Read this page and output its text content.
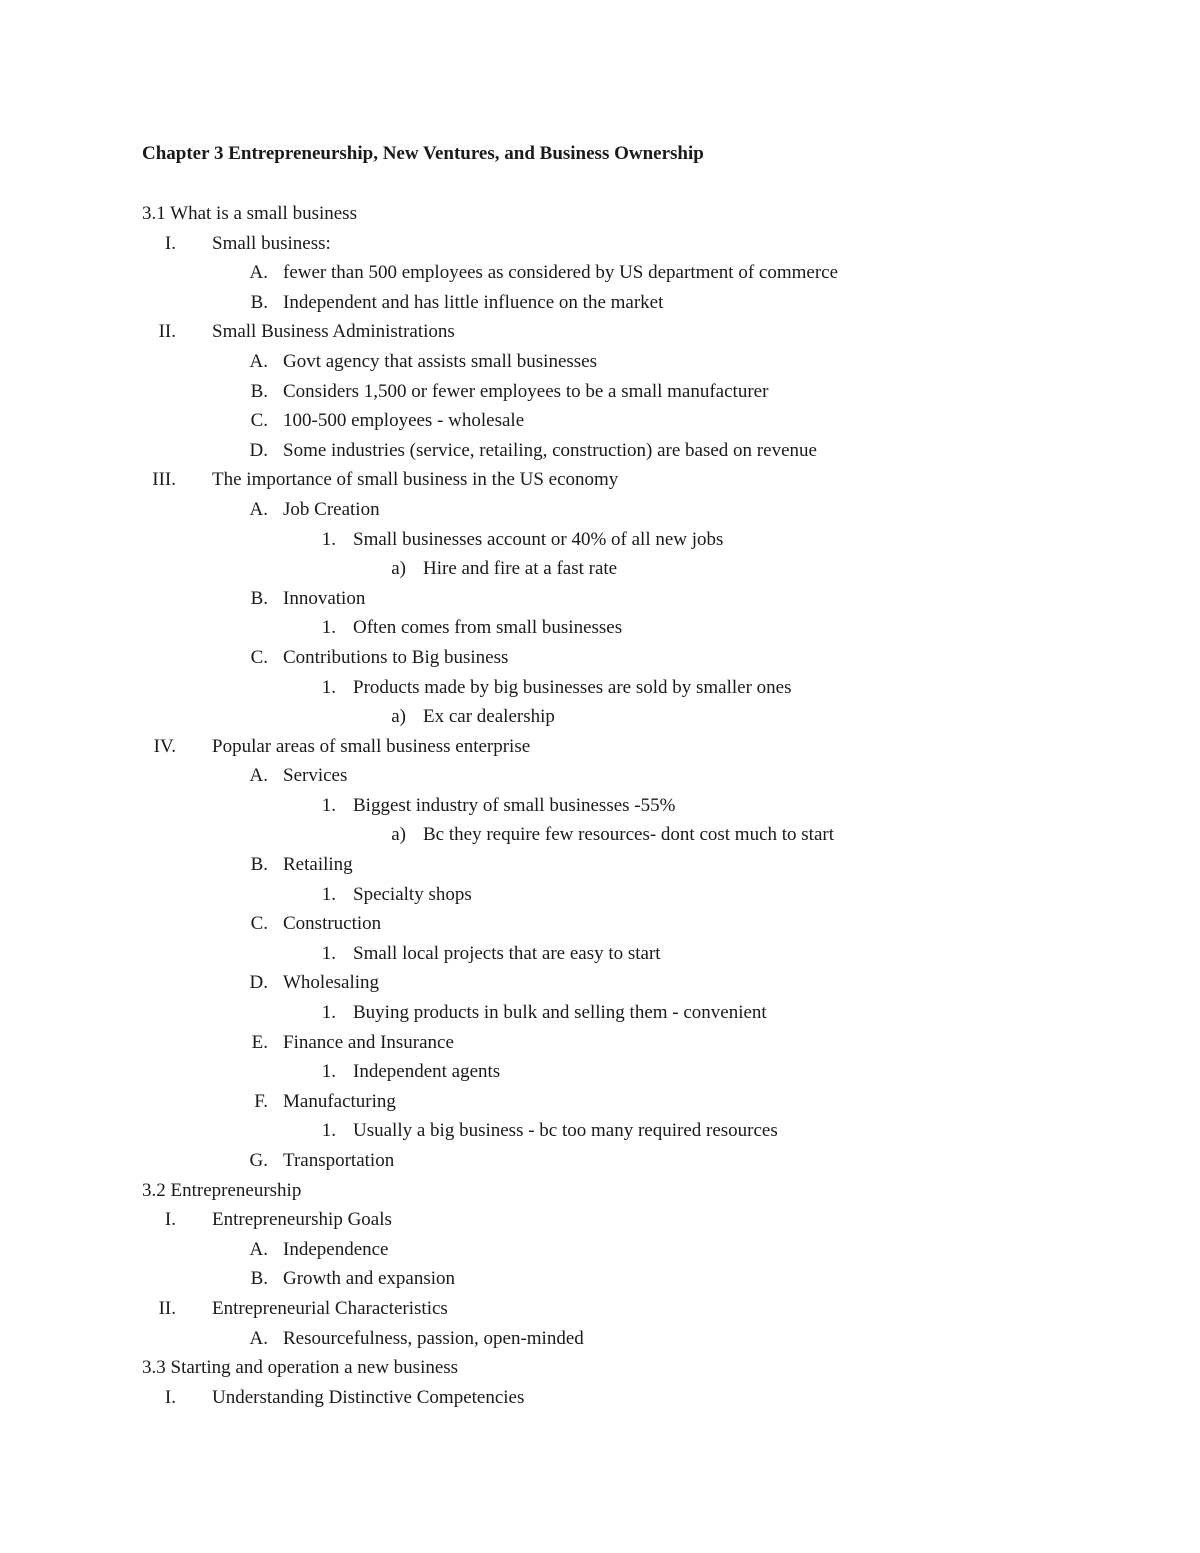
Chapter 3 Entrepreneurship, New Ventures, and Business Ownership
3.1 What is a small business
I. Small business:
A. fewer than 500 employees as considered by US department of commerce
B. Independent and has little influence on the market
II. Small Business Administrations
A. Govt agency that assists small businesses
B. Considers 1,500 or fewer employees to be a small manufacturer
C. 100-500 employees - wholesale
D. Some industries (service, retailing, construction) are based on revenue
III. The importance of small business in the US economy
A. Job Creation
1. Small businesses account or 40% of all new jobs
a) Hire and fire at a fast rate
B. Innovation
1. Often comes from small businesses
C. Contributions to Big business
1. Products made by big businesses are sold by smaller ones
a) Ex car dealership
IV. Popular areas of small business enterprise
A. Services
1. Biggest industry of small businesses -55%
a) Bc they require few resources- dont cost much to start
B. Retailing
1. Specialty shops
C. Construction
1. Small local projects that are easy to start
D. Wholesaling
1. Buying products in bulk and selling them - convenient
E. Finance and Insurance
1. Independent agents
F. Manufacturing
1. Usually a big business - bc too many required resources
G. Transportation
3.2 Entrepreneurship
I. Entrepreneurship Goals
A. Independence
B. Growth and expansion
II. Entrepreneurial Characteristics
A. Resourcefulness, passion, open-minded
3.3 Starting and operation a new business
I. Understanding Distinctive Competencies
